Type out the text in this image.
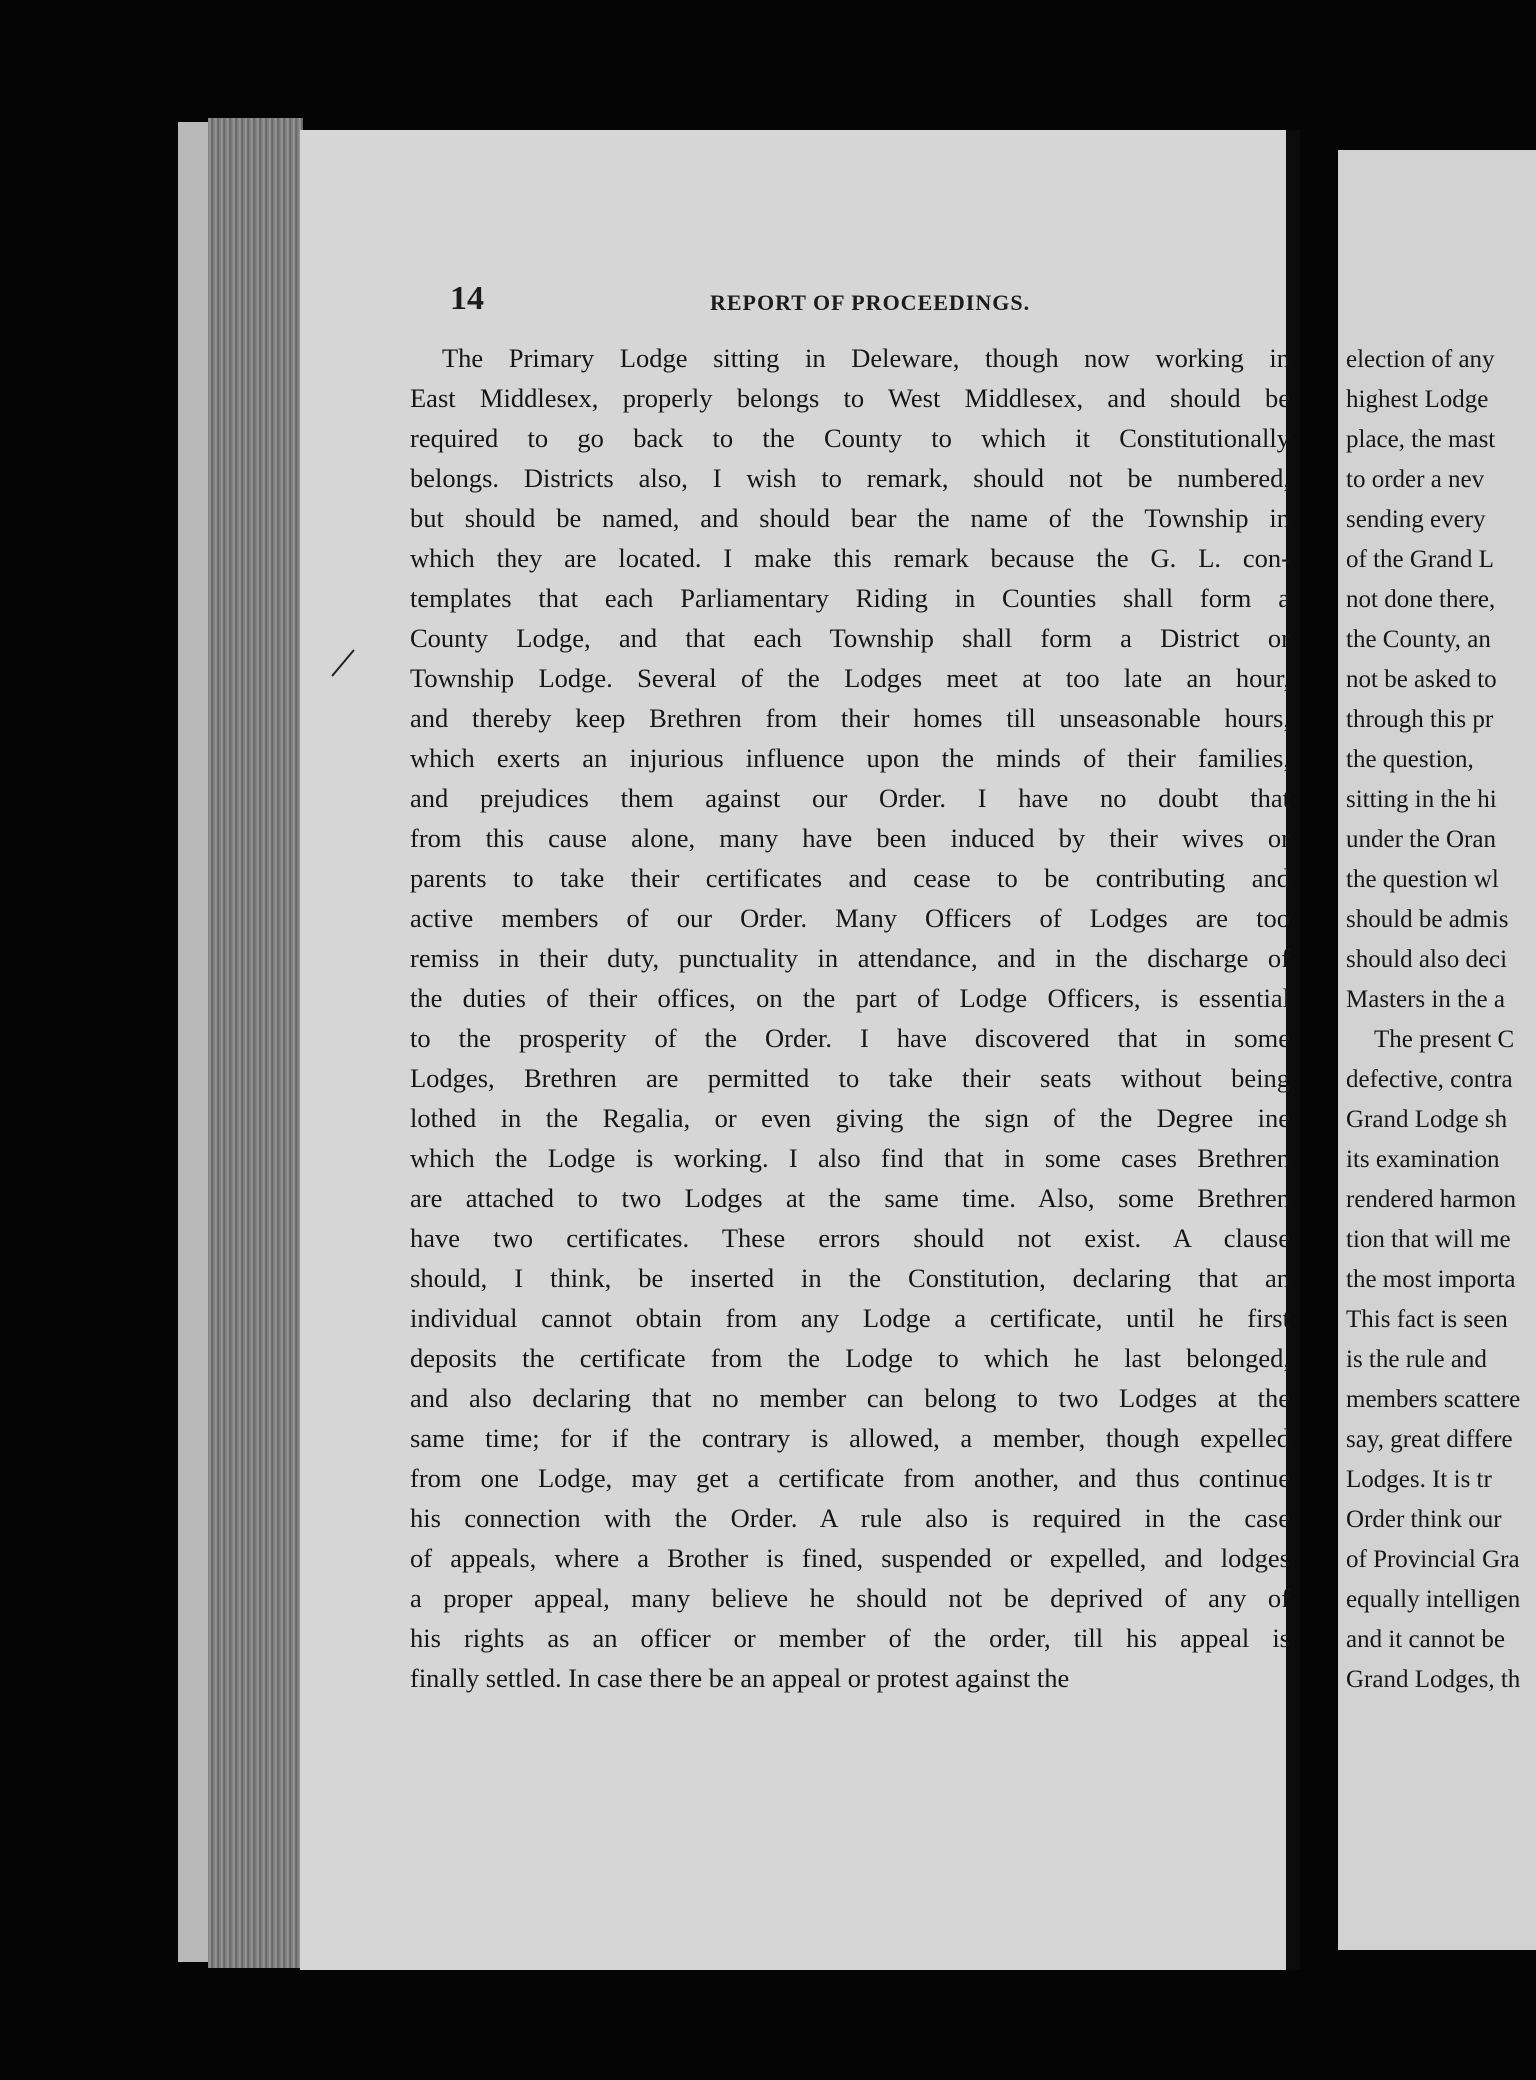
14	REPORT OF PROCEEDINGS.
The Primary Lodge sitting in Deleware, though now working in
East Middlesex, properly belongs to West Middlesex, and should be
required to go back to the County to which it Constitutionally
belongs. Districts also, I wish to remark, should not be numbered,
but should be named, and should bear the name of the Township in
which they are located. I make this remark because the G. L. con-
templates that each Parliamentary Riding in Counties shall form a
County Lodge, and that each Township shall form a District or
Township Lodge. Several of the Lodges meet at too late an hour,
and thereby keep Brethren from their homes till unseasonable hours,
which exerts an injurious influence upon the minds of their families,
and prejudices them against our Order. I have no doubt that
from this cause alone, many have been induced by their wives or
parents to take their certificates and cease to be contributing and
active members of our Order. Many Officers of Lodges are too
remiss in their duty, punctuality in attendance, and in the discharge of
the duties of their offices, on the part of Lodge Officers, is essential
to the prosperity of the Order. I have discovered that in some
Lodges, Brethren are permitted to take their seats without being
lothed in the Regalia, or even giving the sign of the Degree ine
which the Lodge is working. I also find that in some cases Brethren
are attached to two Lodges at the same time. Also, some Brethren
have two certificates. These errors should not exist. A clause
should, I think, be inserted in the Constitution, declaring that an
individual cannot obtain from any Lodge a certificate, until he first
deposits the certificate from the Lodge to which he last belonged,
and also declaring that no member can belong to two Lodges at the
same time; for if the contrary is allowed, a member, though expelled
from one Lodge, may get a certificate from another, and thus continue
his connection with the Order. A rule also is required in the case
of appeals, where a Brother is fined, suspended or expelled, and lodges
a proper appeal, many believe he should not be deprived of any of
his rights as an officer or member of the order, till his appeal is
finally settled. In case there be an appeal or protest against the
election of any
highest Lodge
place, the mast
to order a nev
sending every
of the Grand L
not done there,
the County, an
not be asked to
through this pr
the question,
sitting in the hi
under the Oran
the question wl
should be admis
should also deci
Masters in the a
The present C
defective, contra
Grand Lodge sh
its examination
rendered harmon
tion that will me
the most importa
This fact is seen
is the rule and
members scattere
say, great differe
Lodges. It is tr
Order think our
of Provincial Gra
equally intelligen
and it cannot be
Grand Lodges, th
